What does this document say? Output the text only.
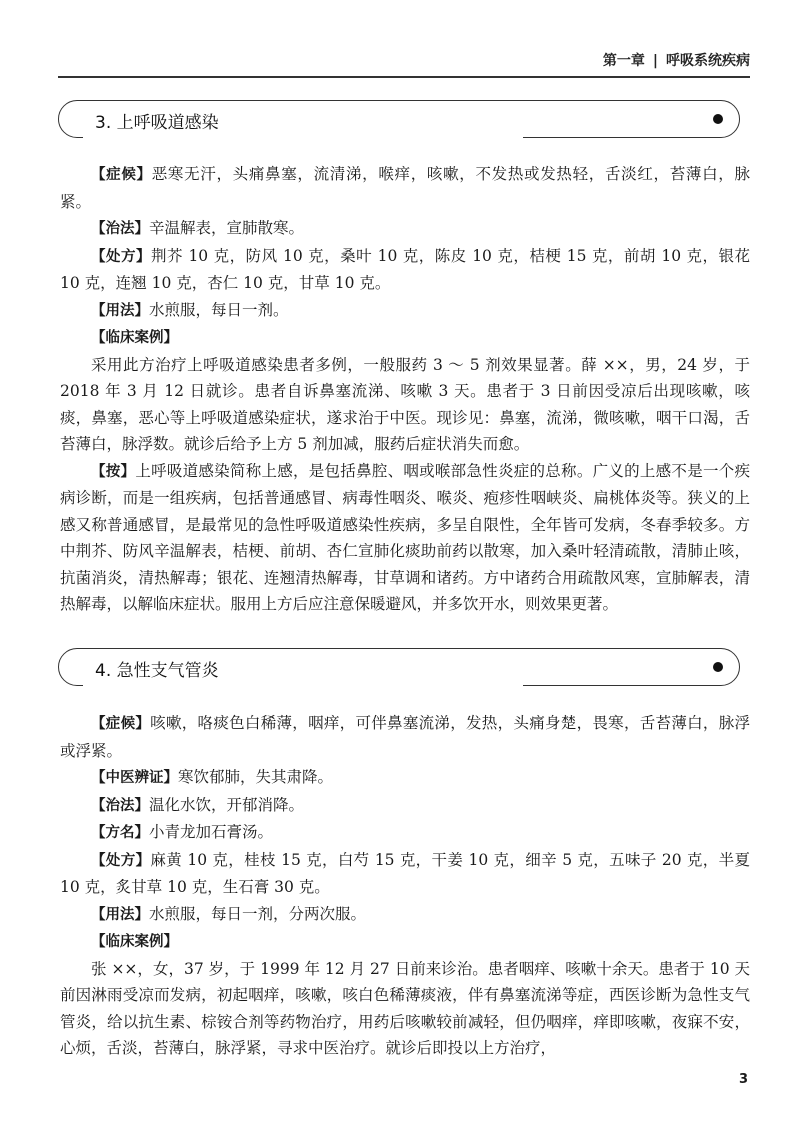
第一章 | 呼吸系统疾病
3. 上呼吸道感染

【症候】恶寒无汗，头痛鼻塞，流清涕，喉痒，咳嗽，不发热或发热轻，舌淡红，苔薄白，脉紧。

【治法】辛温解表，宣肺散寒。

【处方】荆芥 10 克，防风 10 克，桑叶 10 克，陈皮 10 克，桔梗 15 克，前胡 10 克，银花 10 克，连翘 10 克，杏仁 10 克，甘草 10 克。

【用法】水煎服，每日一剂。

【临床案例】

采用此方治疗上呼吸道感染患者多例，一般服药 3 ～ 5 剂效果显著。薛 ××，男，24 岁，于 2018 年 3 月 12 日就诊。患者自诉鼻塞流涕、咳嗽 3 天。患者于 3 日前因受凉后出现咳嗽，咳痰，鼻塞，恶心等上呼吸道感染症状，遂求治于中医。现诊见：鼻塞，流涕，微咳嗽，咽干口渴，舌苔薄白，脉浮数。就诊后给予上方 5 剂加减，服药后症状消失而愈。

【按】上呼吸道感染简称上感，是包括鼻腔、咽或喉部急性炎症的总称。广义的上感不是一个疾病诊断，而是一组疾病，包括普通感冒、病毒性咽炎、喉炎、疱疹性咽峡炎、扁桃体炎等。狭义的上感又称普通感冒，是最常见的急性呼吸道感染性疾病，多呈自限性，全年皆可发病，冬春季较多。方中荆芥、防风辛温解表，桔梗、前胡、杏仁宣肺化痰助前药以散寒，加入桑叶轻清疏散，清肺止咳，抗菌消炎，清热解毒；银花、连翘清热解毒，甘草调和诸药。方中诸药合用疏散风寒，宣肺解表，清热解毒，以解临床症状。服用上方后应注意保暖避风，并多饮开水，则效果更著。

4. 急性支气管炎

【症候】咳嗽，咯痰色白稀薄，咽痒，可伴鼻塞流涕，发热，头痛身楚，畏寒，舌苔薄白，脉浮或浮紧。

【中医辨证】寒饮郁肺，失其肃降。

【治法】温化水饮，开郁消降。

【方名】小青龙加石膏汤。

【处方】麻黄 10 克，桂枝 15 克，白芍 15 克，干姜 10 克，细辛 5 克，五味子 20 克，半夏 10 克，炙甘草 10 克，生石膏 30 克。

【用法】水煎服，每日一剂，分两次服。

【临床案例】

张 ××，女，37 岁，于 1999 年 12 月 27 日前来诊治。患者咽痒、咳嗽十余天。患者于 10 天前因淋雨受凉而发病，初起咽痒，咳嗽，咳白色稀薄痰液，伴有鼻塞流涕等症，西医诊断为急性支气管炎，给以抗生素、棕铵合剂等药物治疗，用药后咳嗽较前减轻，但仍咽痒，痒即咳嗽，夜寐不安，心烦，舌淡，苔薄白，脉浮紧，寻求中医治疗。就诊后即投以上方治疗，

3
